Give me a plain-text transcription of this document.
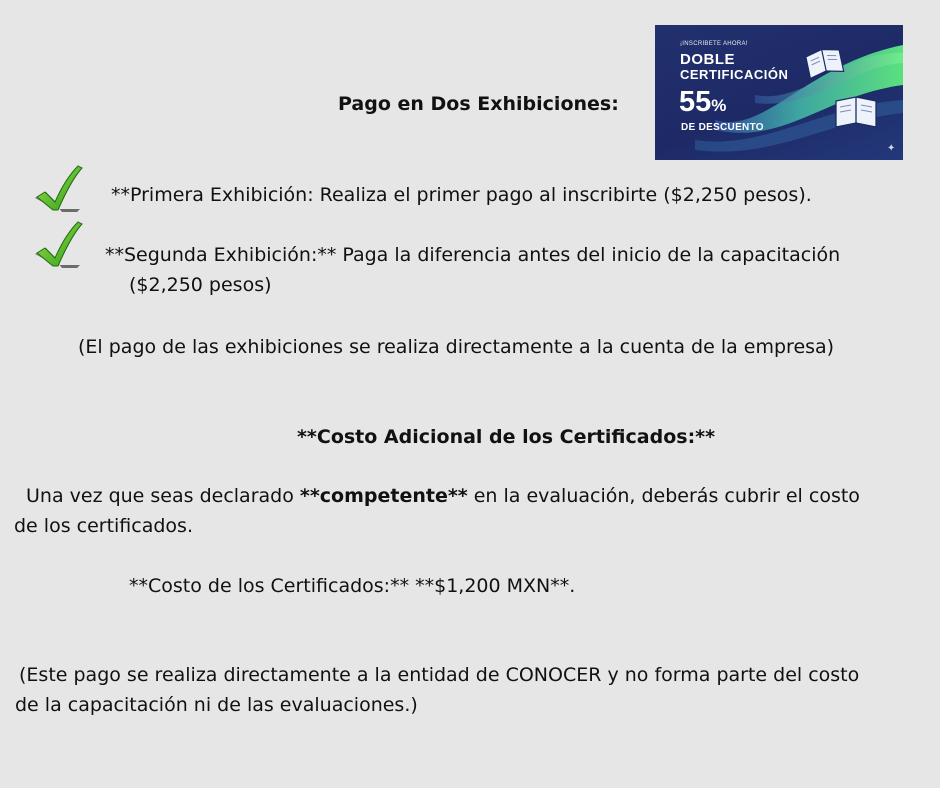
Pago en Dos Exhibiciones:
¡INSCRÍBETE AHORA!
DOBLE
CERTIFICACIÓN
55%
DE DESCUENTO
✦
**Primera Exhibición: Realiza el primer pago al inscribirte ($2,250 pesos).
**Segunda Exhibición:** Paga la diferencia antes del inicio de la capacitación
($2,250 pesos)
(El pago de las exhibiciones se realiza directamente a la cuenta de la empresa)
**Costo Adicional de los Certificados:**
Una vez que seas declarado **competente** en la evaluación, deberás cubrir el costo
de los certificados.
**Costo de los Certificados:** **$1,200 MXN**.
(Este pago se realiza directamente a la entidad de CONOCER y no forma parte del costo
de la capacitación ni de las evaluaciones.)
